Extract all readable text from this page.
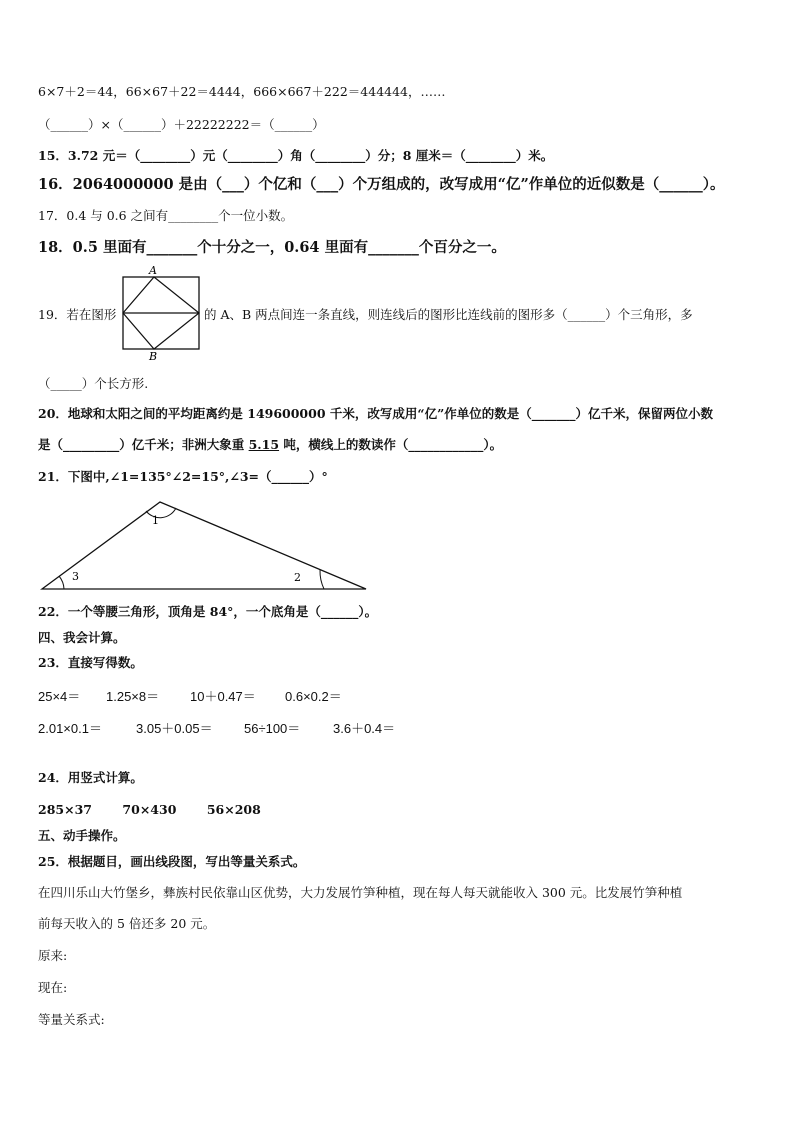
6×7＋2＝44，66×67＋22＝4444，666×667＋222＝444444，……
（______）×（______）＋22222222＝（______）
15．3.72 元＝（________）元（________）角（________）分；8 厘米＝（________）米。
16．2064000000 是由（___）个亿和（___）个万组成的，改写成用“亿”作单位的近似数是（______）。
17．0.4 与 0.6 之间有________个一位小数。
18．0.5 里面有_______个十分之一，0.64 里面有_______个百分之一。
19．若在图形
A
B
的 A、B 两点间连一条直线，则连线后的图形比连线前的图形多（______）个三角形，多
（_____）个长方形.
20．地球和太阳之间的平均距离约是 149600000 千米，改写成用“亿”作单位的数是（_______）亿千米，保留两位小数
是（_________）亿千米；非洲大象重 5.15 吨，横线上的数读作（____________）。
21．下图中,∠1=135°∠2=15°,∠3=（______）°
1
2
3
22．一个等腰三角形，顶角是 84°，一个底角是（______）。
四、我会计算。
23．直接写得数。
25×4＝ 1.25×8＝ 10＋0.47＝ 0.6×0.2＝
2.01×0.1＝	3.05＋0.05＝ 56÷100＝	3.6＋0.4＝
24．用竖式计算。
285×37       70×430       56×208
五、动手操作。
25．根据题目，画出线段图，写出等量关系式。
在四川乐山大竹堡乡，彝族村民依靠山区优势，大力发展竹笋种植，现在每人每天就能收入 300 元。比发展竹笋种植
前每天收入的 5 倍还多 20 元。
原来:
现在:
等量关系式:
